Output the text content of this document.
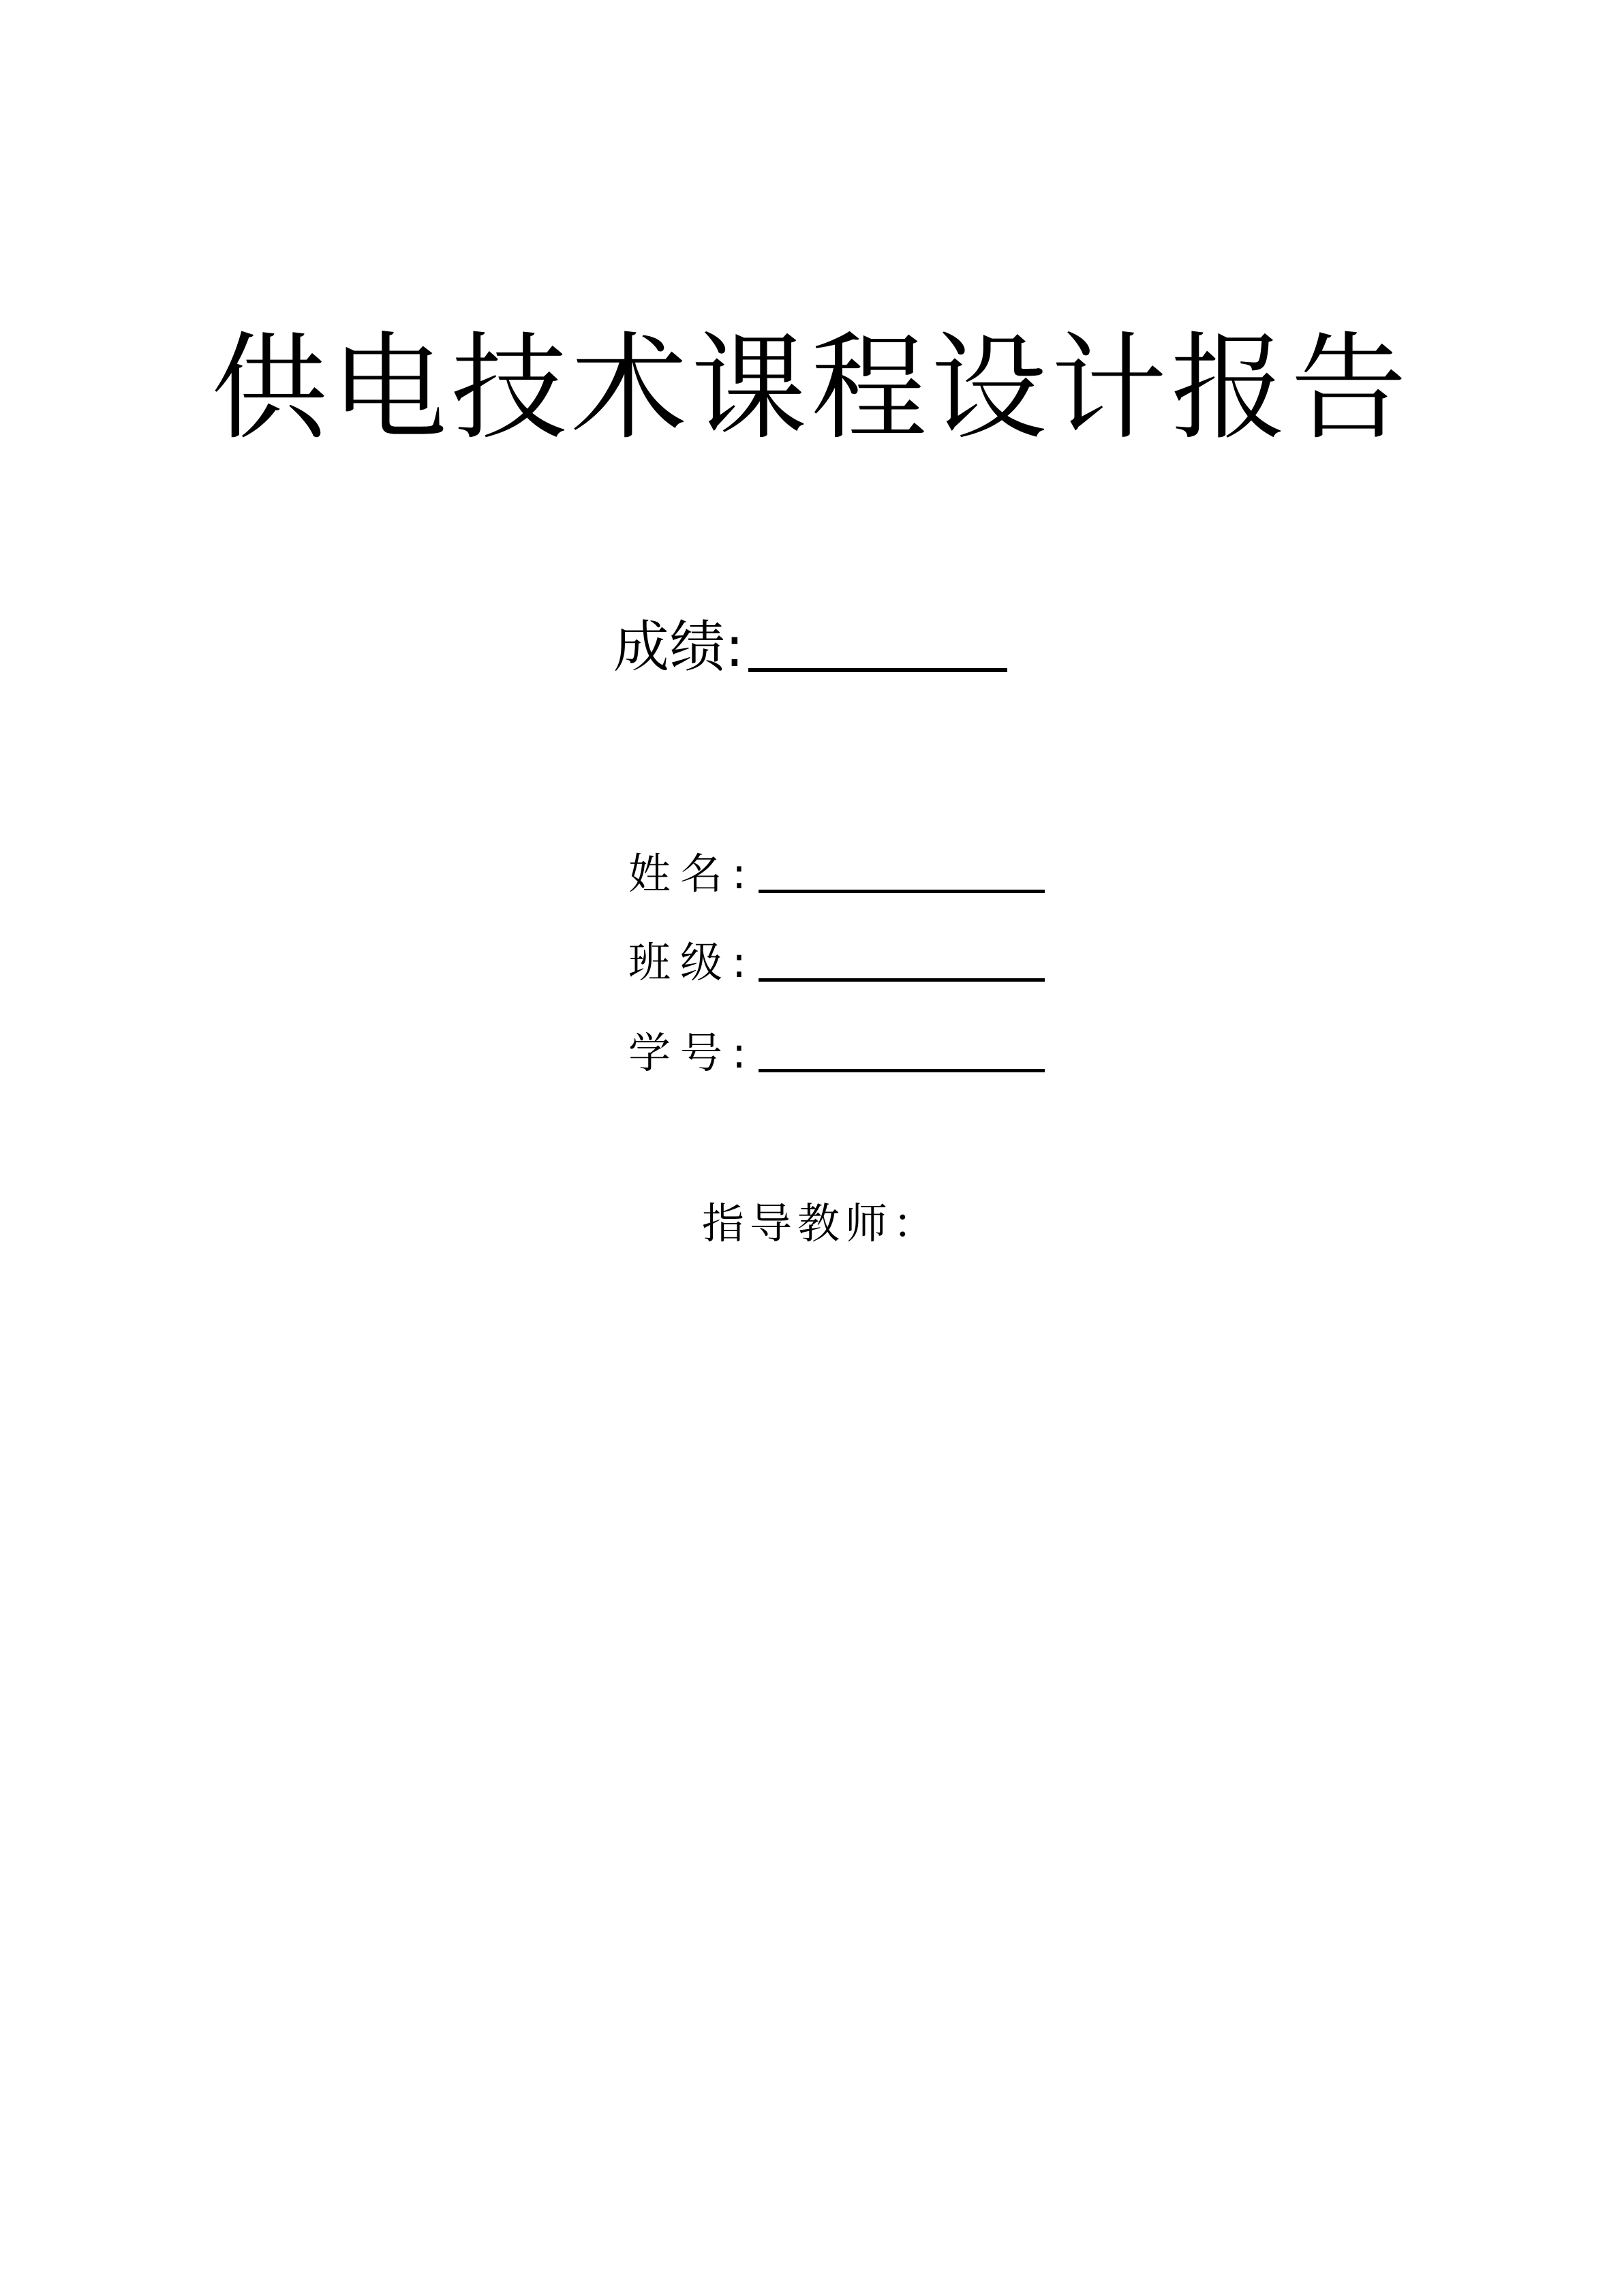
供电技术课程设计报告
成绩:
姓名:
班级:
学号:
指导教师：
